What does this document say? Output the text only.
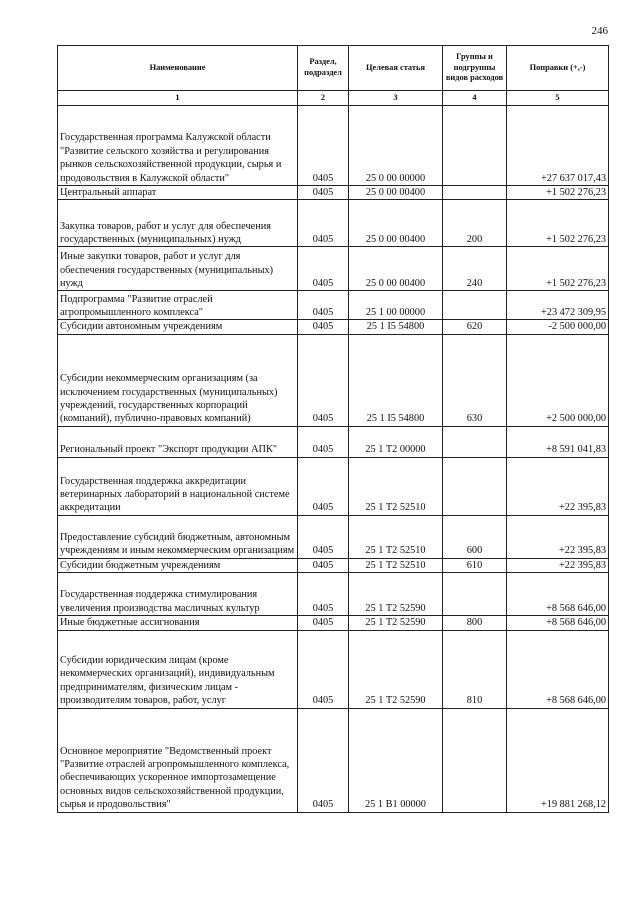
246
Наименование	Раздел, подраздел	Целевая статья	Группы и подгруппы видов расходов	Поправки (+,-)
1	2	3	4	5
Государственная программа Калужской области "Развитие сельского хозяйства и регулирования рынков сельскохозяйственной продукции, сырья и продовольствия в Калужской области"	0405	25 0 00 00000		+27 637 017,43
Центральный аппарат	0405	25 0 00 00400		+1 502 276,23
Закупка товаров, работ и услуг для обеспечения государственных (муниципальных) нужд	0405	25 0 00 00400	200	+1 502 276,23
Иные закупки товаров, работ и услуг для обеспечения государственных (муниципальных) нужд	0405	25 0 00 00400	240	+1 502 276,23
Подпрограмма "Развитие отраслей агропромышленного комплекса"	0405	25 1 00 00000		+23 472 309,95
Субсидии автономным учреждениям	0405	25 1 I5 54800	620	-2 500 000,00
Субсидии некоммерческим организациям (за исключением государственных (муниципальных) учреждений, государственных корпораций (компаний), публично-правовых компаний)	0405	25 1 I5 54800	630	+2 500 000,00
Региональный проект "Экспорт продукции АПК"	0405	25 1 T2 00000		+8 591 041,83
Государственная поддержка аккредитации ветеринарных лабораторий в национальной системе аккредитации	0405	25 1 T2 52510		+22 395,83
Предоставление субсидий бюджетным, автономным учреждениям и иным некоммерческим организациям	0405	25 1 T2 52510	600	+22 395,83
Субсидии бюджетным учреждениям	0405	25 1 T2 52510	610	+22 395,83
Государственная поддержка стимулирования увеличения производства масличных культур	0405	25 1 T2 52590		+8 568 646,00
Иные бюджетные ассигнования	0405	25 1 T2 52590	800	+8 568 646,00
Субсидии юридическим лицам (кроме некоммерческих организаций), индивидуальным предпринимателям, физическим лицам - производителям товаров, работ, услуг	0405	25 1 T2 52590	810	+8 568 646,00
Основное мероприятие "Ведомственный проект "Развитие отраслей агропромышленного комплекса, обеспечивающих ускоренное импортозамещение основных видов сельскохозяйственной продукции, сырья и продовольствия"	0405	25 1 B1 00000		+19 881 268,12
